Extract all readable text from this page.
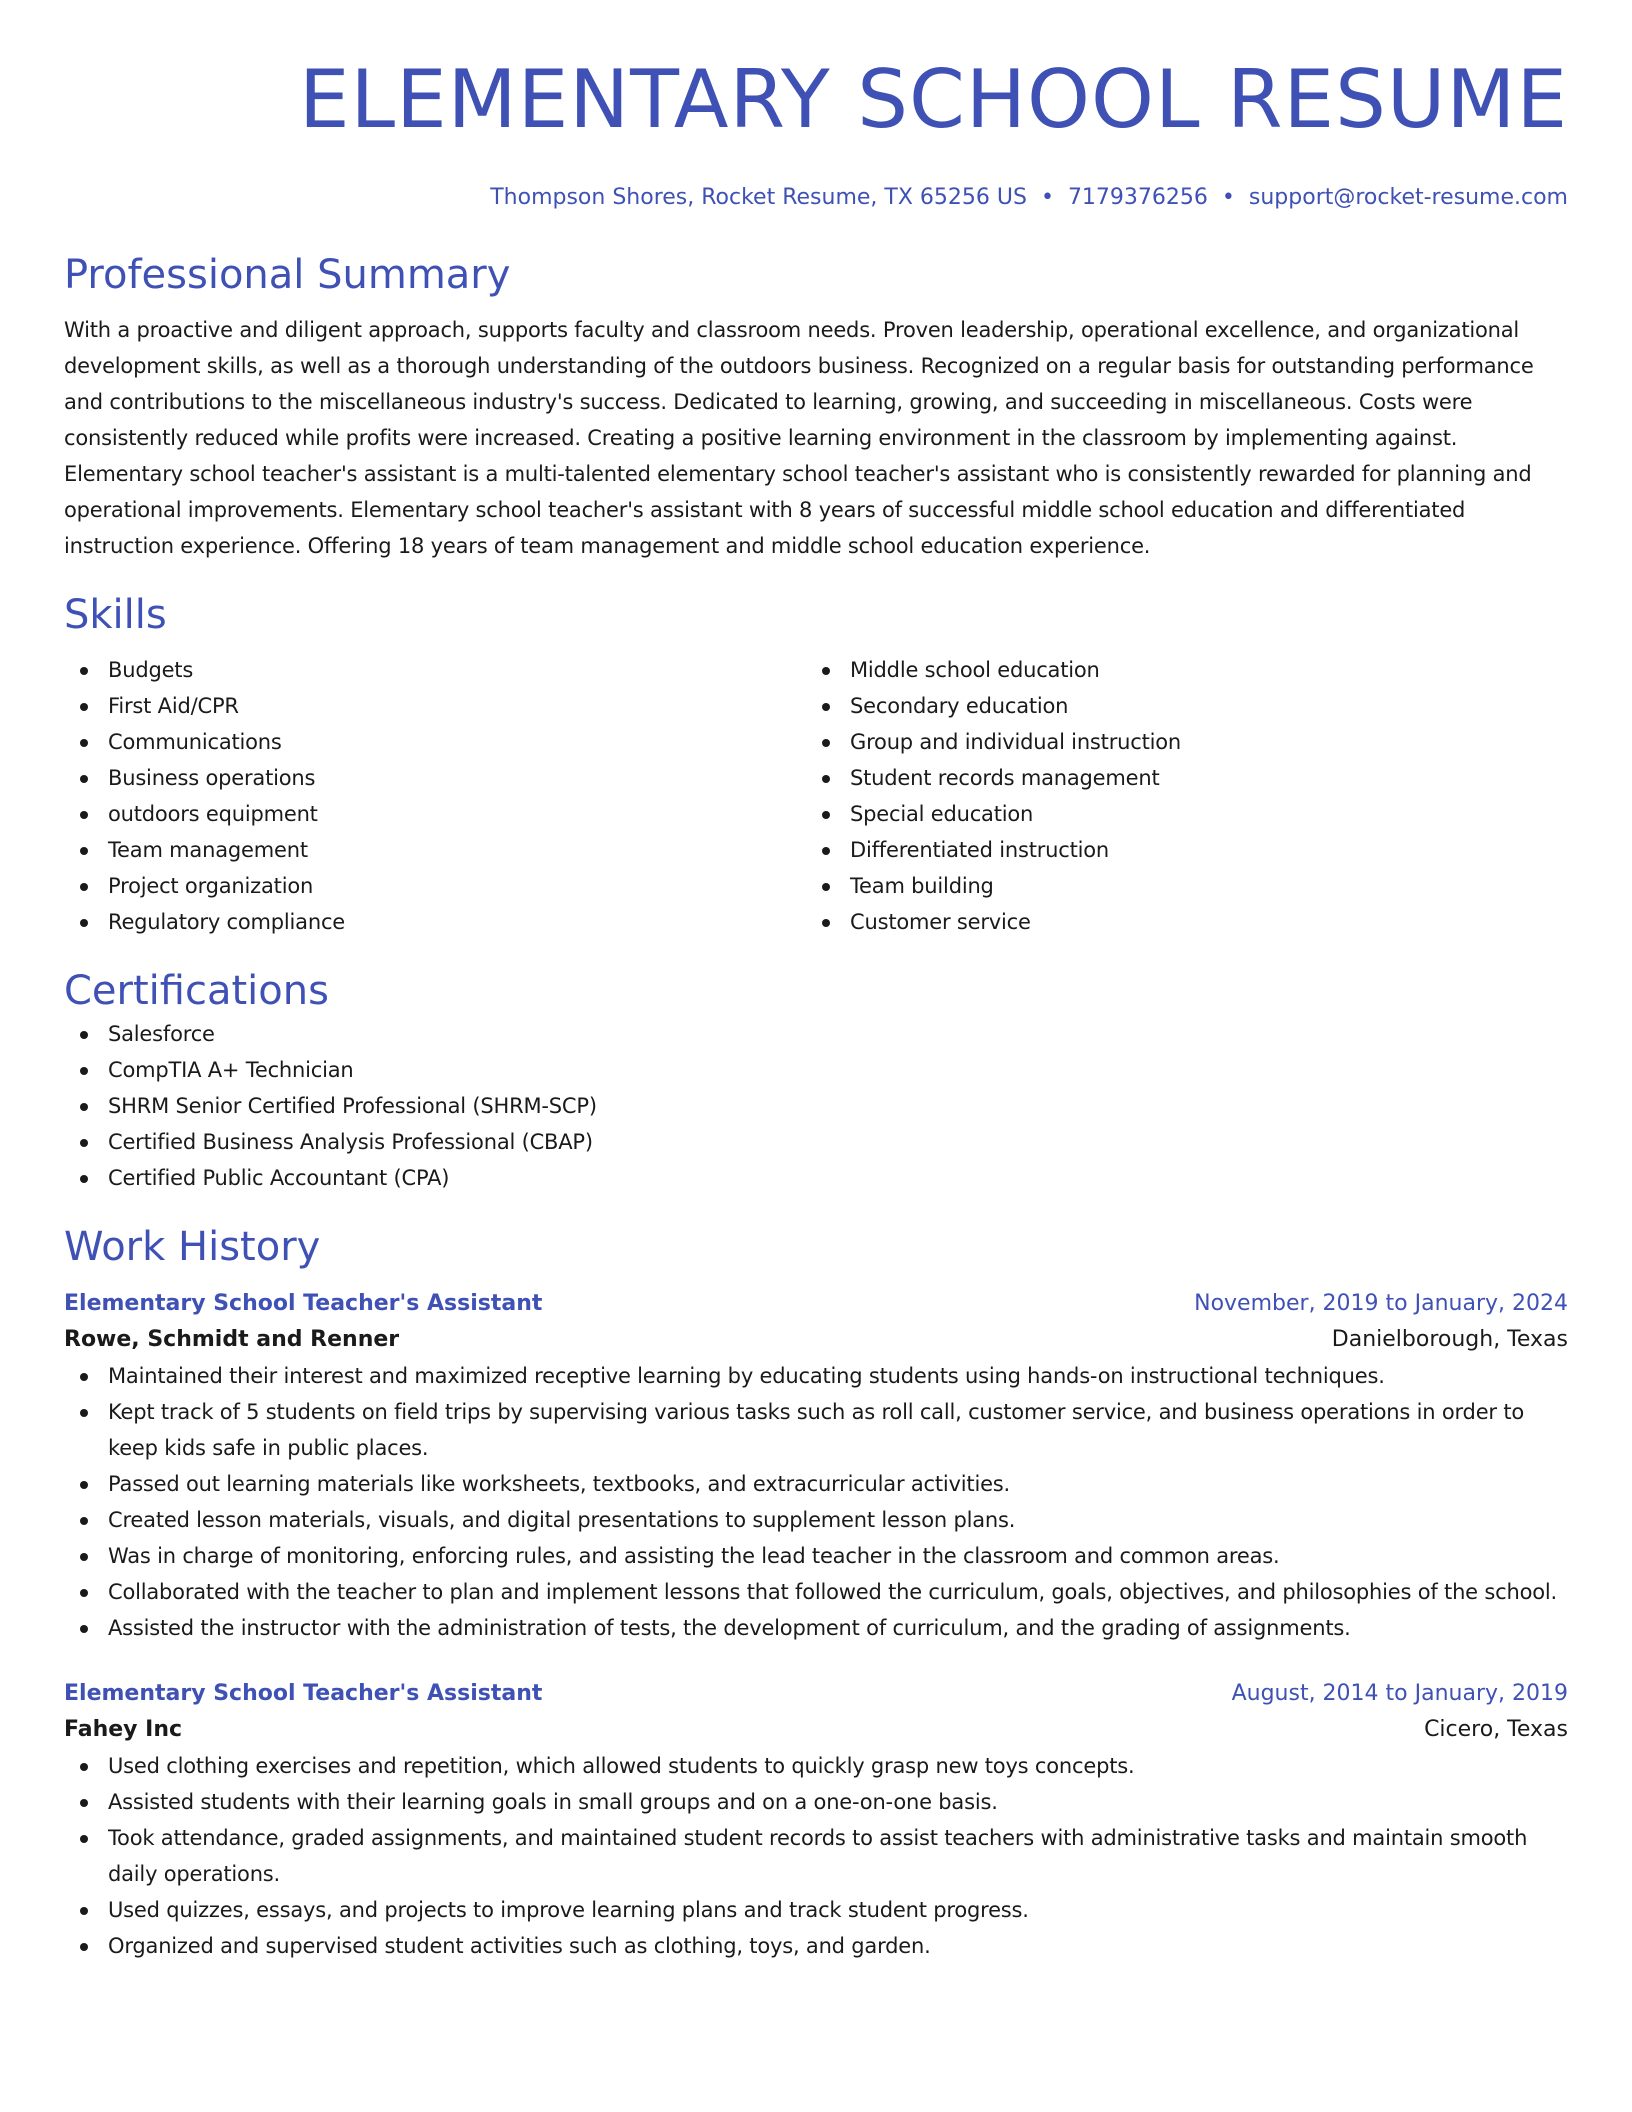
ELEMENTARY SCHOOL RESUME
Thompson Shores, Rocket Resume, TX 65256 US • 7179376256 • support@rocket-resume.com
Professional Summary
With a proactive and diligent approach, supports faculty and classroom needs. Proven leadership, operational excellence, and organizational development skills, as well as a thorough understanding of the outdoors business. Recognized on a regular basis for outstanding performance and contributions to the miscellaneous industry's success. Dedicated to learning, growing, and succeeding in miscellaneous. Costs were consistently reduced while profits were increased. Creating a positive learning environment in the classroom by implementing against. Elementary school teacher's assistant is a multi-talented elementary school teacher's assistant who is consistently rewarded for planning and operational improvements. Elementary school teacher's assistant with 8 years of successful middle school education and differentiated instruction experience. Offering 18 years of team management and middle school education experience.
Skills
Budgets
First Aid/CPR
Communications
Business operations
outdoors equipment
Team management
Project organization
Regulatory compliance
Middle school education
Secondary education
Group and individual instruction
Student records management
Special education
Differentiated instruction
Team building
Customer service
Certifications
Salesforce
CompTIA A+ Technician
SHRM Senior Certified Professional (SHRM-SCP)
Certified Business Analysis Professional (CBAP)
Certified Public Accountant (CPA)
Work History
Elementary School Teacher's Assistant	November, 2019 to January, 2024
Rowe, Schmidt and Renner	Danielborough, Texas
Maintained their interest and maximized receptive learning by educating students using hands-on instructional techniques.
Kept track of 5 students on field trips by supervising various tasks such as roll call, customer service, and business operations in order to keep kids safe in public places.
Passed out learning materials like worksheets, textbooks, and extracurricular activities.
Created lesson materials, visuals, and digital presentations to supplement lesson plans.
Was in charge of monitoring, enforcing rules, and assisting the lead teacher in the classroom and common areas.
Collaborated with the teacher to plan and implement lessons that followed the curriculum, goals, objectives, and philosophies of the school.
Assisted the instructor with the administration of tests, the development of curriculum, and the grading of assignments.
Elementary School Teacher's Assistant	August, 2014 to January, 2019
Fahey Inc	Cicero, Texas
Used clothing exercises and repetition, which allowed students to quickly grasp new toys concepts.
Assisted students with their learning goals in small groups and on a one-on-one basis.
Took attendance, graded assignments, and maintained student records to assist teachers with administrative tasks and maintain smooth daily operations.
Used quizzes, essays, and projects to improve learning plans and track student progress.
Organized and supervised student activities such as clothing, toys, and garden.
